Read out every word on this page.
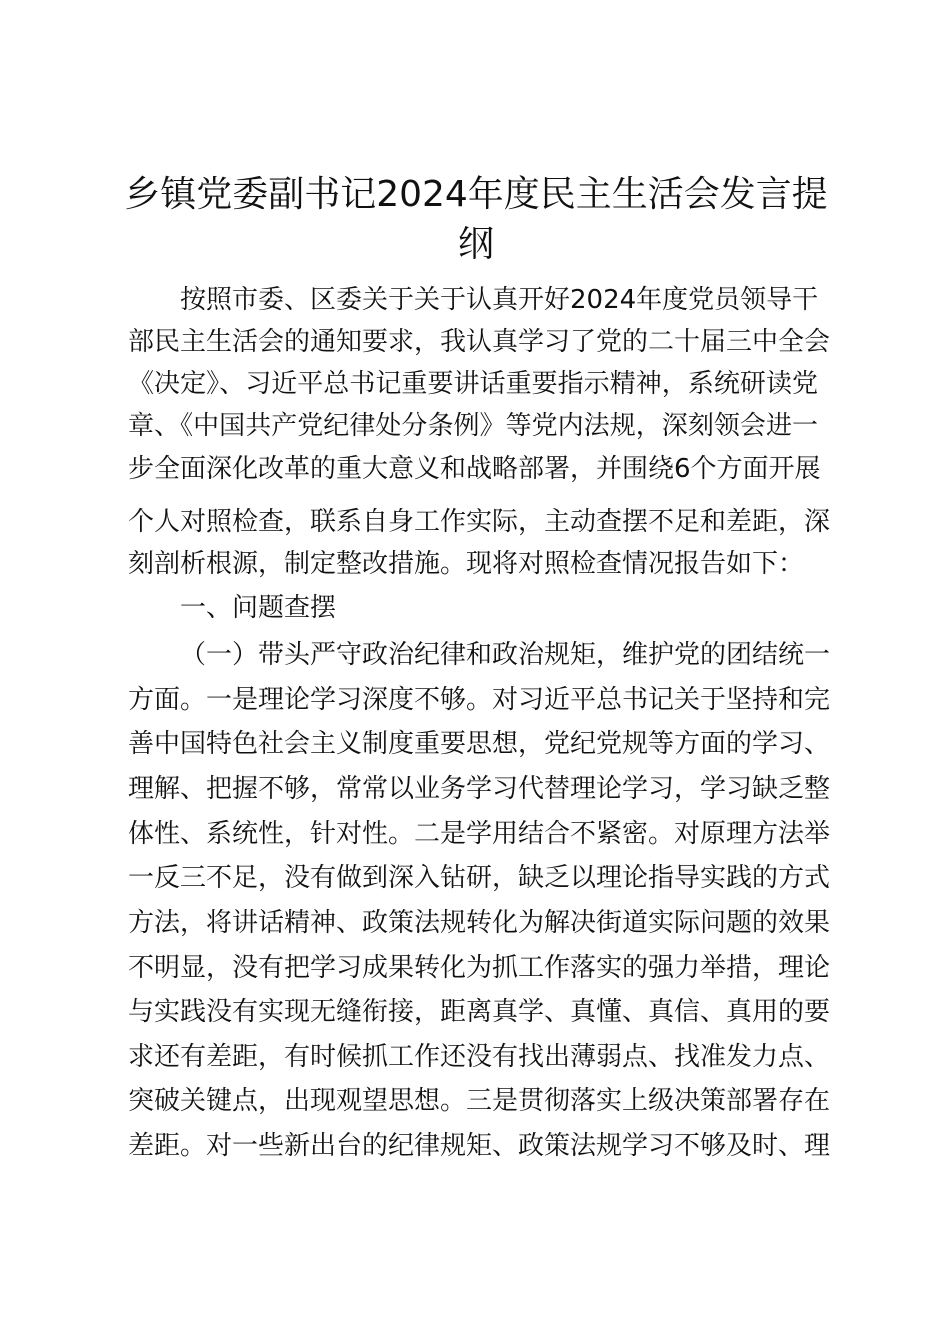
乡镇党委副书记2024年度民主生活会发言提纲

按照市委、区委关于关于认真开好2024年度党员领导干

部民主生活会的通知要求，我认真学习了党的二十届三中全会

《决定》、习近平总书记重要讲话重要指示精神，系统研读党

章、《中国共产党纪律处分条例》等党内法规，深刻领会进一

步全面深化改革的重大意义和战略部署，并围绕6个方面开展

个人对照检查，联系自身工作实际，主动查摆不足和差距，深

刻剖析根源，制定整改措施。现将对照检查情况报告如下：

一、问题查摆

（一）带头严守政治纪律和政治规矩，维护党的团结统一

方面。一是理论学习深度不够。对习近平总书记关于坚持和完

善中国特色社会主义制度重要思想，党纪党规等方面的学习、

理解、把握不够，常常以业务学习代替理论学习，学习缺乏整

体性、系统性，针对性。二是学用结合不紧密。对原理方法举

一反三不足，没有做到深入钻研，缺乏以理论指导实践的方式

方法，将讲话精神、政策法规转化为解决街道实际问题的效果

不明显，没有把学习成果转化为抓工作落实的强力举措，理论

与实践没有实现无缝衔接，距离真学、真懂、真信、真用的要

求还有差距，有时候抓工作还没有找出薄弱点、找准发力点、

突破关键点，出现观望思想。三是贯彻落实上级决策部署存在

差距。对一些新出台的纪律规矩、政策法规学习不够及时、理
